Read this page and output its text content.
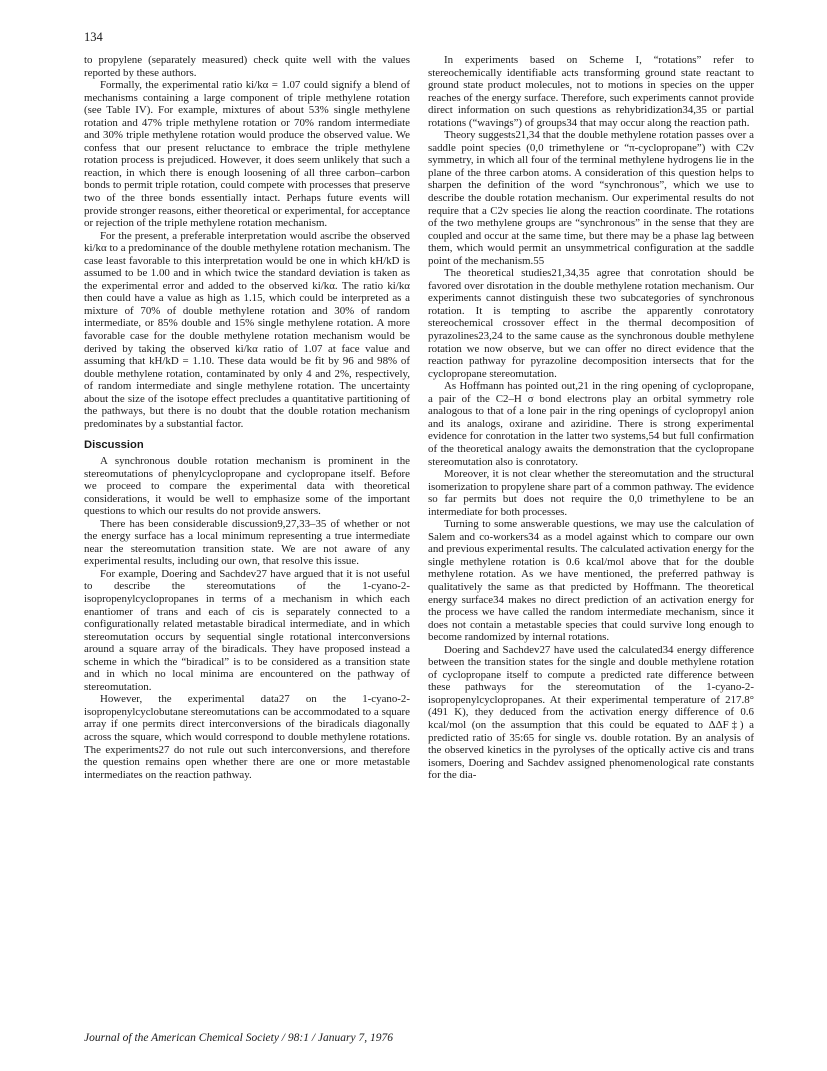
134

to propylene (separately measured) check quite well with the values reported by these authors.

Formally, the experimental ratio ki/kα = 1.07 could signify a blend of mechanisms containing a large component of triple methylene rotation (see Table IV). For example, mixtures of about 53% single methylene rotation and 47% triple methylene rotation or 70% random intermediate and 30% triple methylene rotation would produce the observed value. We confess that our present reluctance to embrace the triple methylene rotation process is prejudiced. However, it does seem unlikely that such a reaction, in which there is enough loosening of all three carbon–carbon bonds to permit triple rotation, could compete with processes that preserve two of the three bonds essentially intact. Perhaps future events will provide stronger reasons, either theoretical or experimental, for acceptance or rejection of the triple methylene rotation mechanism.

For the present, a preferable interpretation would ascribe the observed ki/kα to a predominance of the double methylene rotation mechanism. The case least favorable to this interpretation would be one in which kH/kD is assumed to be 1.00 and in which twice the standard deviation is taken as the experimental error and added to the observed ki/kα. The ratio ki/kα then could have a value as high as 1.15, which could be interpreted as a mixture of 70% of double methylene rotation and 30% of random intermediate, or 85% double and 15% single methylene rotation. A more favorable case for the double methylene rotation mechanism would be derived by taking the observed ki/kα ratio of 1.07 at face value and assuming that kH/kD = 1.10. These data would be fit by 96 and 98% of double methylene rotation, contaminated by only 4 and 2%, respectively, of random intermediate and single methylene rotation. The uncertainty about the size of the isotope effect precludes a quantitative partitioning of the pathways, but there is no doubt that the double rotation mechanism predominates by a substantial factor.

Discussion

A synchronous double rotation mechanism is prominent in the stereomutations of phenylcyclopropane and cyclopropane itself. Before we proceed to compare the experimental data with theoretical considerations, it would be well to emphasize some of the important questions to which our results do not provide answers.

There has been considerable discussion9,27,33–35 of whether or not the energy surface has a local minimum representing a true intermediate near the stereomutation transition state. We are not aware of any experimental results, including our own, that resolve this issue.

For example, Doering and Sachdev27 have argued that it is not useful to describe the stereomutations of the 1-cyano-2-isopropenylcyclopropanes in terms of a mechanism in which each enantiomer of trans and each of cis is separately connected to a configurationally related metastable biradical intermediate, and in which stereomutation occurs by sequential single rotational interconversions around a square array of the biradicals. They have proposed instead a scheme in which the “biradical” is to be considered as a transition state and in which no local minima are encountered on the pathway of stereomutation.

However, the experimental data27 on the 1-cyano-2-isopropenylcyclobutane stereomutations can be accommodated to a square array if one permits direct interconversions of the biradicals diagonally across the square, which would correspond to double methylene rotations. The experiments27 do not rule out such interconversions, and therefore the question remains open whether there are one or more metastable intermediates on the reaction pathway.

In experiments based on Scheme I, “rotations” refer to stereochemically identifiable acts transforming ground state reactant to ground state product molecules, not to motions in species on the upper reaches of the energy surface. Therefore, such experiments cannot provide direct information on such questions as rehybridization34,35 or partial rotations (“wavings”) of groups34 that may occur along the reaction path.

Theory suggests21,34 that the double methylene rotation passes over a saddle point species (0,0 trimethylene or “π-cyclopropane”) with C2v symmetry, in which all four of the terminal methylene hydrogens lie in the plane of the three carbon atoms. A consideration of this question helps to sharpen the definition of the word “synchronous”, which we use to describe the double rotation mechanism. Our experimental results do not require that a C2v species lie along the reaction coordinate. The rotations of the two methylene groups are “synchronous” in the sense that they are coupled and occur at the same time, but there may be a phase lag between them, which would permit an unsymmetrical configuration at the saddle point of the mechanism.55

The theoretical studies21,34,35 agree that conrotation should be favored over disrotation in the double methylene rotation mechanism. Our experiments cannot distinguish these two subcategories of synchronous rotation. It is tempting to ascribe the apparently conrotatory stereochemical crossover effect in the thermal decomposition of pyrazolines23,24 to the same cause as the synchronous double methylene rotation we now observe, but we can offer no direct evidence that the reaction pathway for pyrazoline decomposition intersects that for the cyclopropane stereomutation.

As Hoffmann has pointed out,21 in the ring opening of cyclopropane, a pair of the C2–H σ bond electrons play an orbital symmetry role analogous to that of a lone pair in the ring openings of cyclopropyl anion and its analogs, oxirane and aziridine. There is strong experimental evidence for conrotation in the latter two systems,54 but full confirmation of the theoretical analogy awaits the demonstration that the cyclopropane stereomutation also is conrotatory.

Moreover, it is not clear whether the stereomutation and the structural isomerization to propylene share part of a common pathway. The evidence so far permits but does not require the 0,0 trimethylene to be an intermediate for both processes.

Turning to some answerable questions, we may use the calculation of Salem and co-workers34 as a model against which to compare our own and previous experimental results. The calculated activation energy for the single methylene rotation is 0.6 kcal/mol above that for the double methylene rotation. As we have mentioned, the preferred pathway is qualitatively the same as that predicted by Hoffmann. The theoretical energy surface34 makes no direct prediction of an activation energy for the process we have called the random intermediate mechanism, since it does not contain a metastable species that could survive long enough to become randomized by internal rotations.

Doering and Sachdev27 have used the calculated34 energy difference between the transition states for the single and double methylene rotation of cyclopropane itself to compute a predicted rate difference between these pathways for the stereomutation of the 1-cyano-2-isopropenylcyclopropanes. At their experimental temperature of 217.8° (491 K), they deduced from the activation energy difference of 0.6 kcal/mol (on the assumption that this could be equated to ΔΔF‡) a predicted ratio of 35:65 for single vs. double rotation. By an analysis of the observed kinetics in the pyrolyses of the optically active cis and trans isomers, Doering and Sachdev assigned phenomenological rate constants for the dia-

Journal of the American Chemical Society / 98:1 / January 7, 1976
